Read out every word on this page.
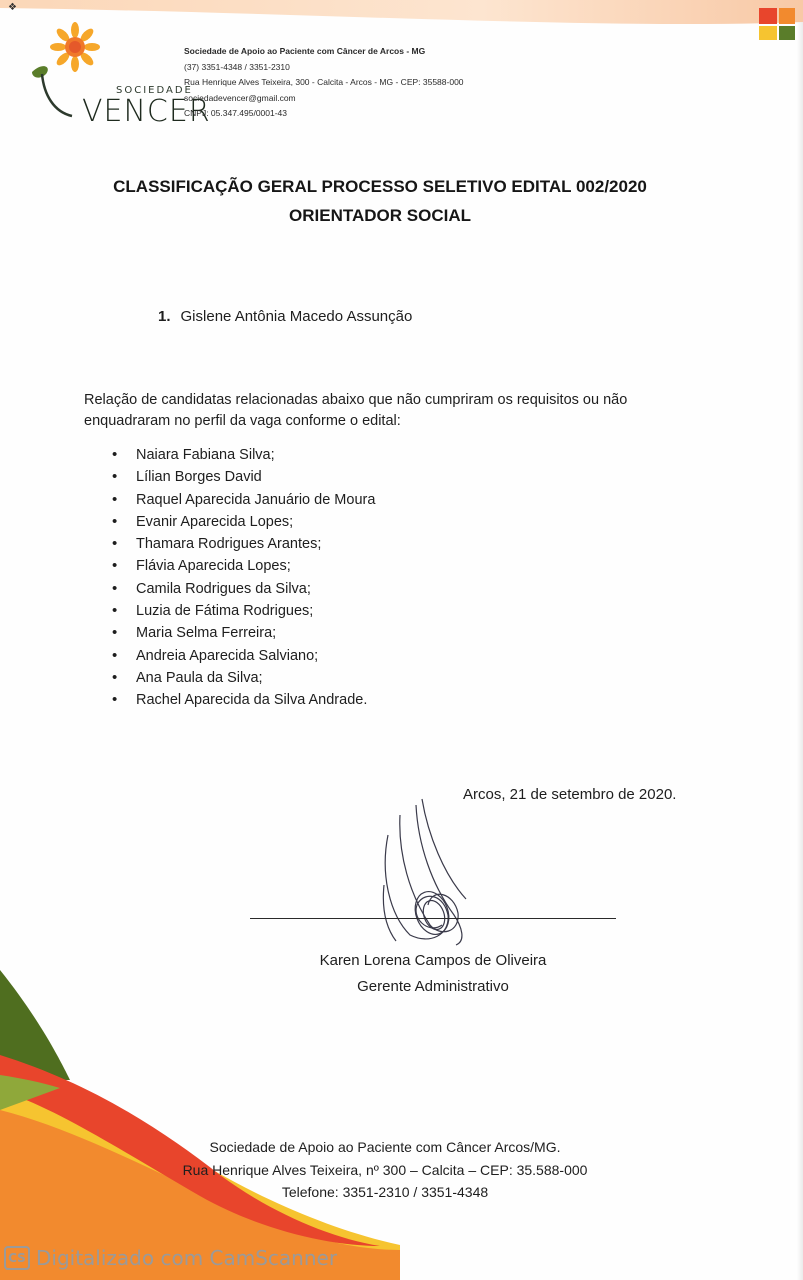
❖
SOCIEDADE
VENCER
Sociedade de Apoio ao Paciente com Câncer de Arcos - MG
(37) 3351-4348 / 3351-2310
Rua Henrique Alves Teixeira, 300 - Calcita - Arcos - MG - CEP: 35588-000
sociedadevencer@gmail.com
CNPJ: 05.347.495/0001-43
CLASSIFICAÇÃO GERAL PROCESSO SELETIVO EDITAL 002/2020
ORIENTADOR SOCIAL
1. Gislene Antônia Macedo Assunção
Relação de candidatas relacionadas abaixo que não cumpriram os requisitos ou não enquadraram no perfil da vaga conforme o edital:
• Naiara Fabiana Silva;
• Lílian Borges David
• Raquel Aparecida Januário de Moura
• Evanir Aparecida Lopes;
• Thamara Rodrigues Arantes;
• Flávia Aparecida Lopes;
• Camila Rodrigues da Silva;
• Luzia de Fátima Rodrigues;
• Maria Selma Ferreira;
• Andreia Aparecida Salviano;
• Ana Paula da Silva;
• Rachel Aparecida da Silva Andrade.
Arcos, 21 de setembro de 2020.
Karen Lorena Campos de Oliveira
Gerente Administrativo
Sociedade de Apoio ao Paciente com Câncer Arcos/MG.
Rua Henrique Alves Teixeira, nº 300 – Calcita – CEP: 35.588-000
Telefone: 3351-2310 / 3351-4348
CS Digitalizado com CamScanner
